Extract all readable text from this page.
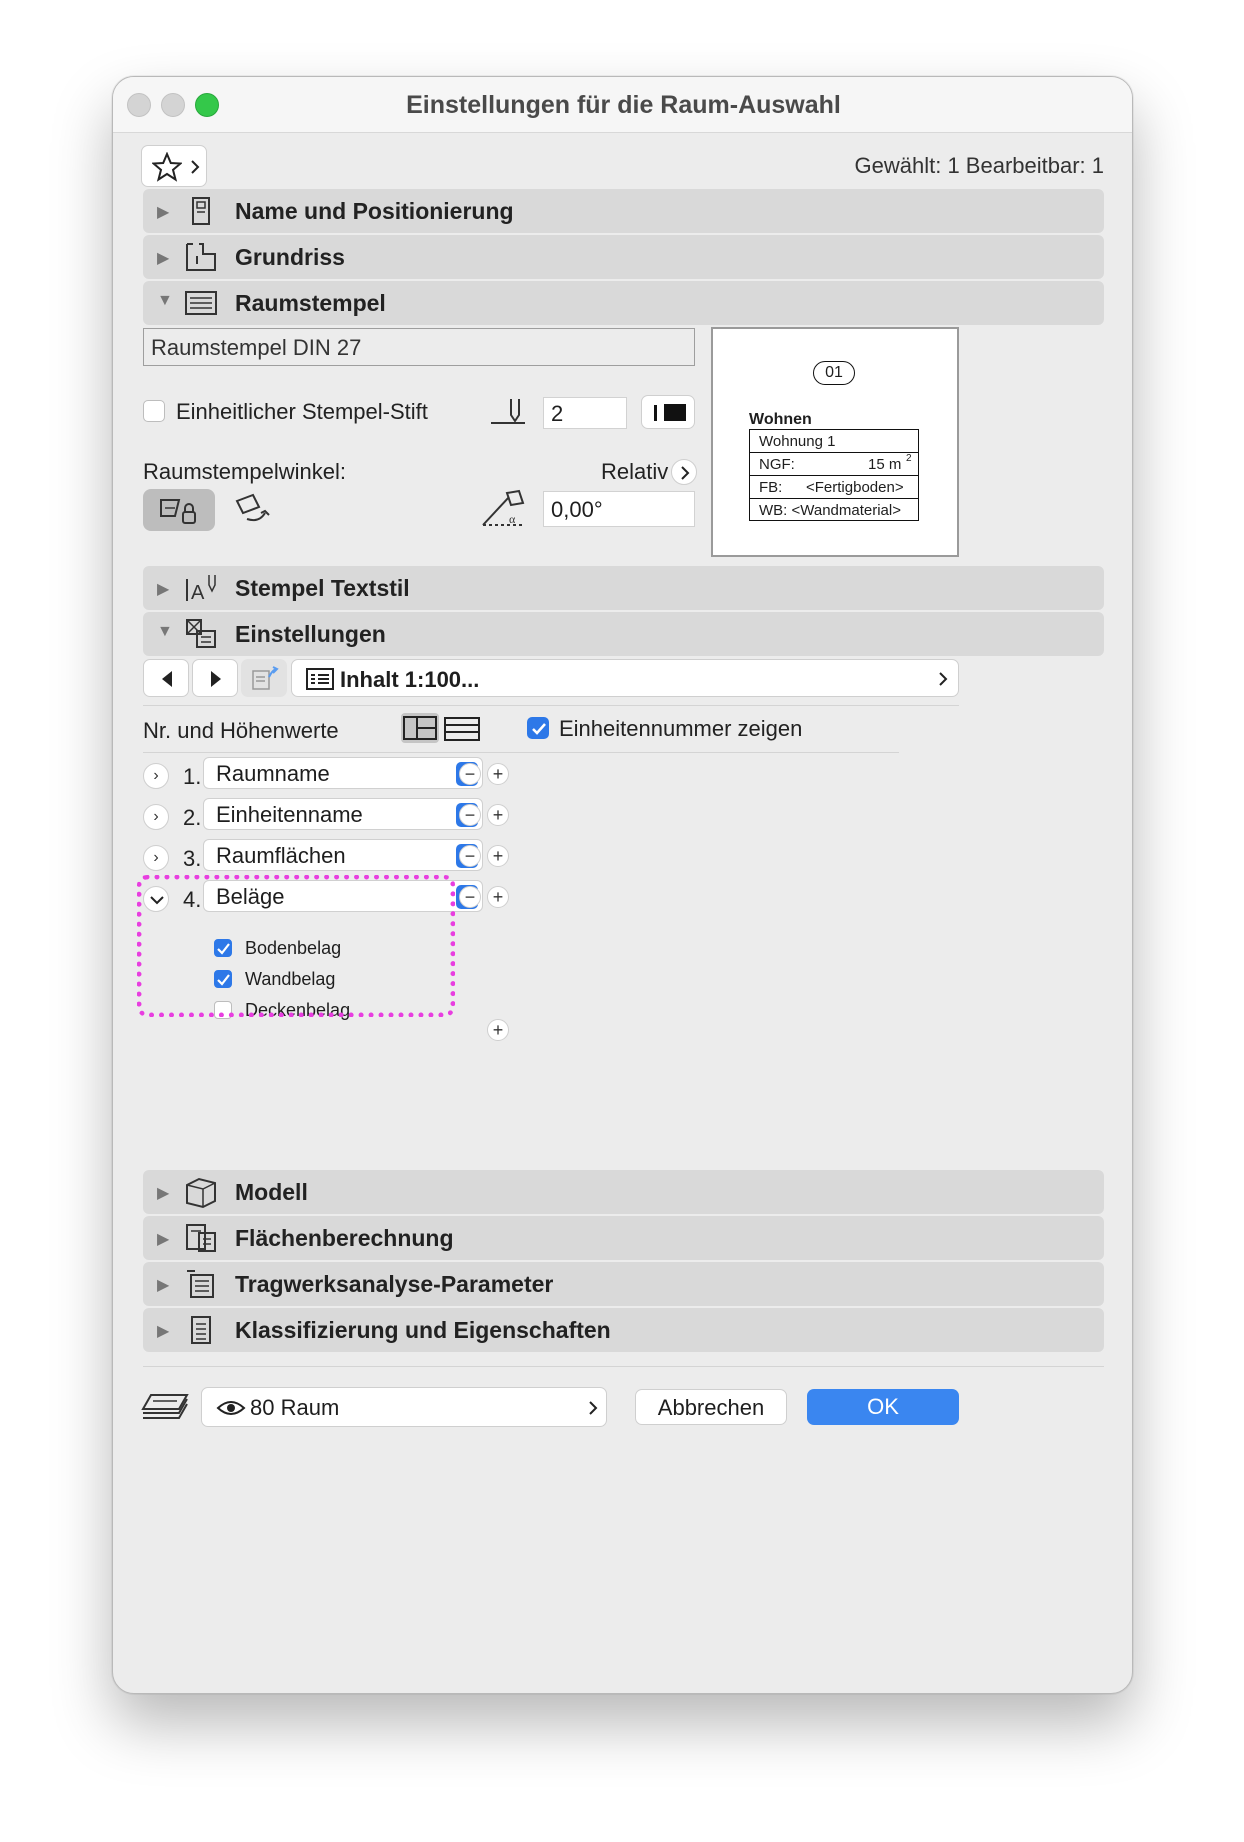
Einstellungen für die Raum-Auswahl
Gewählt: 1 Bearbeitbar: 1
▶	Name und Positionierung
▶	Grundriss
▼	Raumstempel
Raumstempel DIN 27
Einheitlicher Stempel-Stift	2
Raumstempelwinkel:	Relativ
α	0,00°
01
Wohnen
Wohnung 1
NGF:	15 m 2
FB: <Fertigboden>
WB: <Wandmaterial>
▶ A Stempel Textstil
▼	Einstellungen
Inhalt 1:100...
Nr. und Höhenwerte	Einheitennummer zeigen
›	1. Raumname	− +
›	2. Einheitenname	− +
›	3. Raumflächen	− +
4. Beläge	− +
Bodenbelag
Wandbelag
Deckenbelag
+
▶	Modell
▶	Flächenberechnung
▶	Tragwerksanalyse-Parameter
▶	Klassifizierung und Eigenschaften
80 Raum	Abbrechen	OK
